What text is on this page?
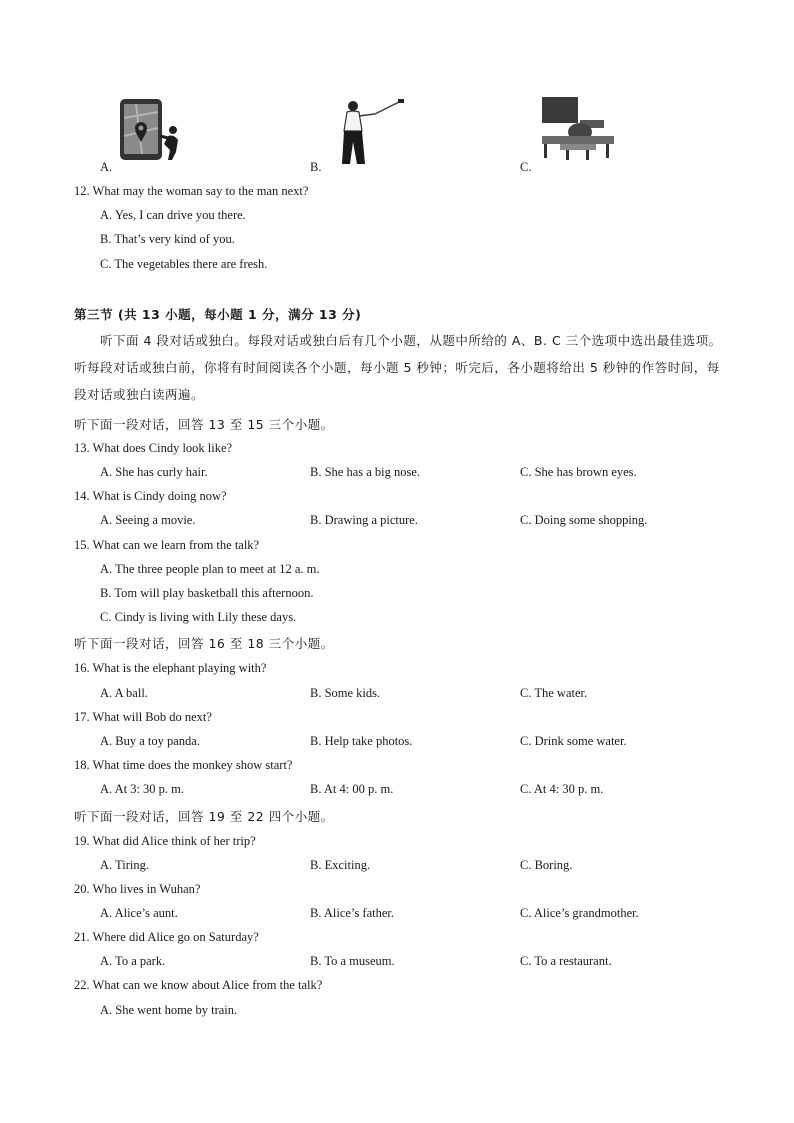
A.	B.	C.
12. What may the woman say to the man next?
A. Yes, I can drive you there.
B. That’s very kind of you.
C. The vegetables there are fresh.
第三节 (共 13 小题，每小题 1 分，满分 13 分)
听下面 4 段对话或独白。每段对话或独白后有几个小题，从题中所给的 A、B. C 三个选项中选出最佳选项。听每段对话或独白前，你将有时间阅读各个小题，每小题 5 秒钟；听完后，各小题将给出 5 秒钟的作答时间，每段对话或独白读两遍。
听下面一段对话，回答 13 至 15 三个小题。
13. What does Cindy look like?
A. She has curly hair.	B. She has a big nose.	C. She has brown eyes.
14. What is Cindy doing now?
A. Seeing a movie.	B. Drawing a picture.	C. Doing some shopping.
15. What can we learn from the talk?
A. The three people plan to meet at 12 a. m.
B. Tom will play basketball this afternoon.
C. Cindy is living with Lily these days.
听下面一段对话，回答 16 至 18 三个小题。
16. What is the elephant playing with?
A. A ball.	B. Some kids.	C. The water.
17. What will Bob do next?
A. Buy a toy panda.	B. Help take photos.	C. Drink some water.
18. What time does the monkey show start?
A. At 3: 30 p. m.	B. At 4: 00 p. m.	C. At 4: 30 p. m.
听下面一段对话，回答 19 至 22 四个小题。
19. What did Alice think of her trip?
A. Tiring.	B. Exciting.	C. Boring.
20. Who lives in Wuhan?
A. Alice’s aunt.	B. Alice’s father.	C. Alice’s grandmother.
21. Where did Alice go on Saturday?
A. To a park.	B. To a museum.	C. To a restaurant.
22. What can we know about Alice from the talk?
A. She went home by train.
